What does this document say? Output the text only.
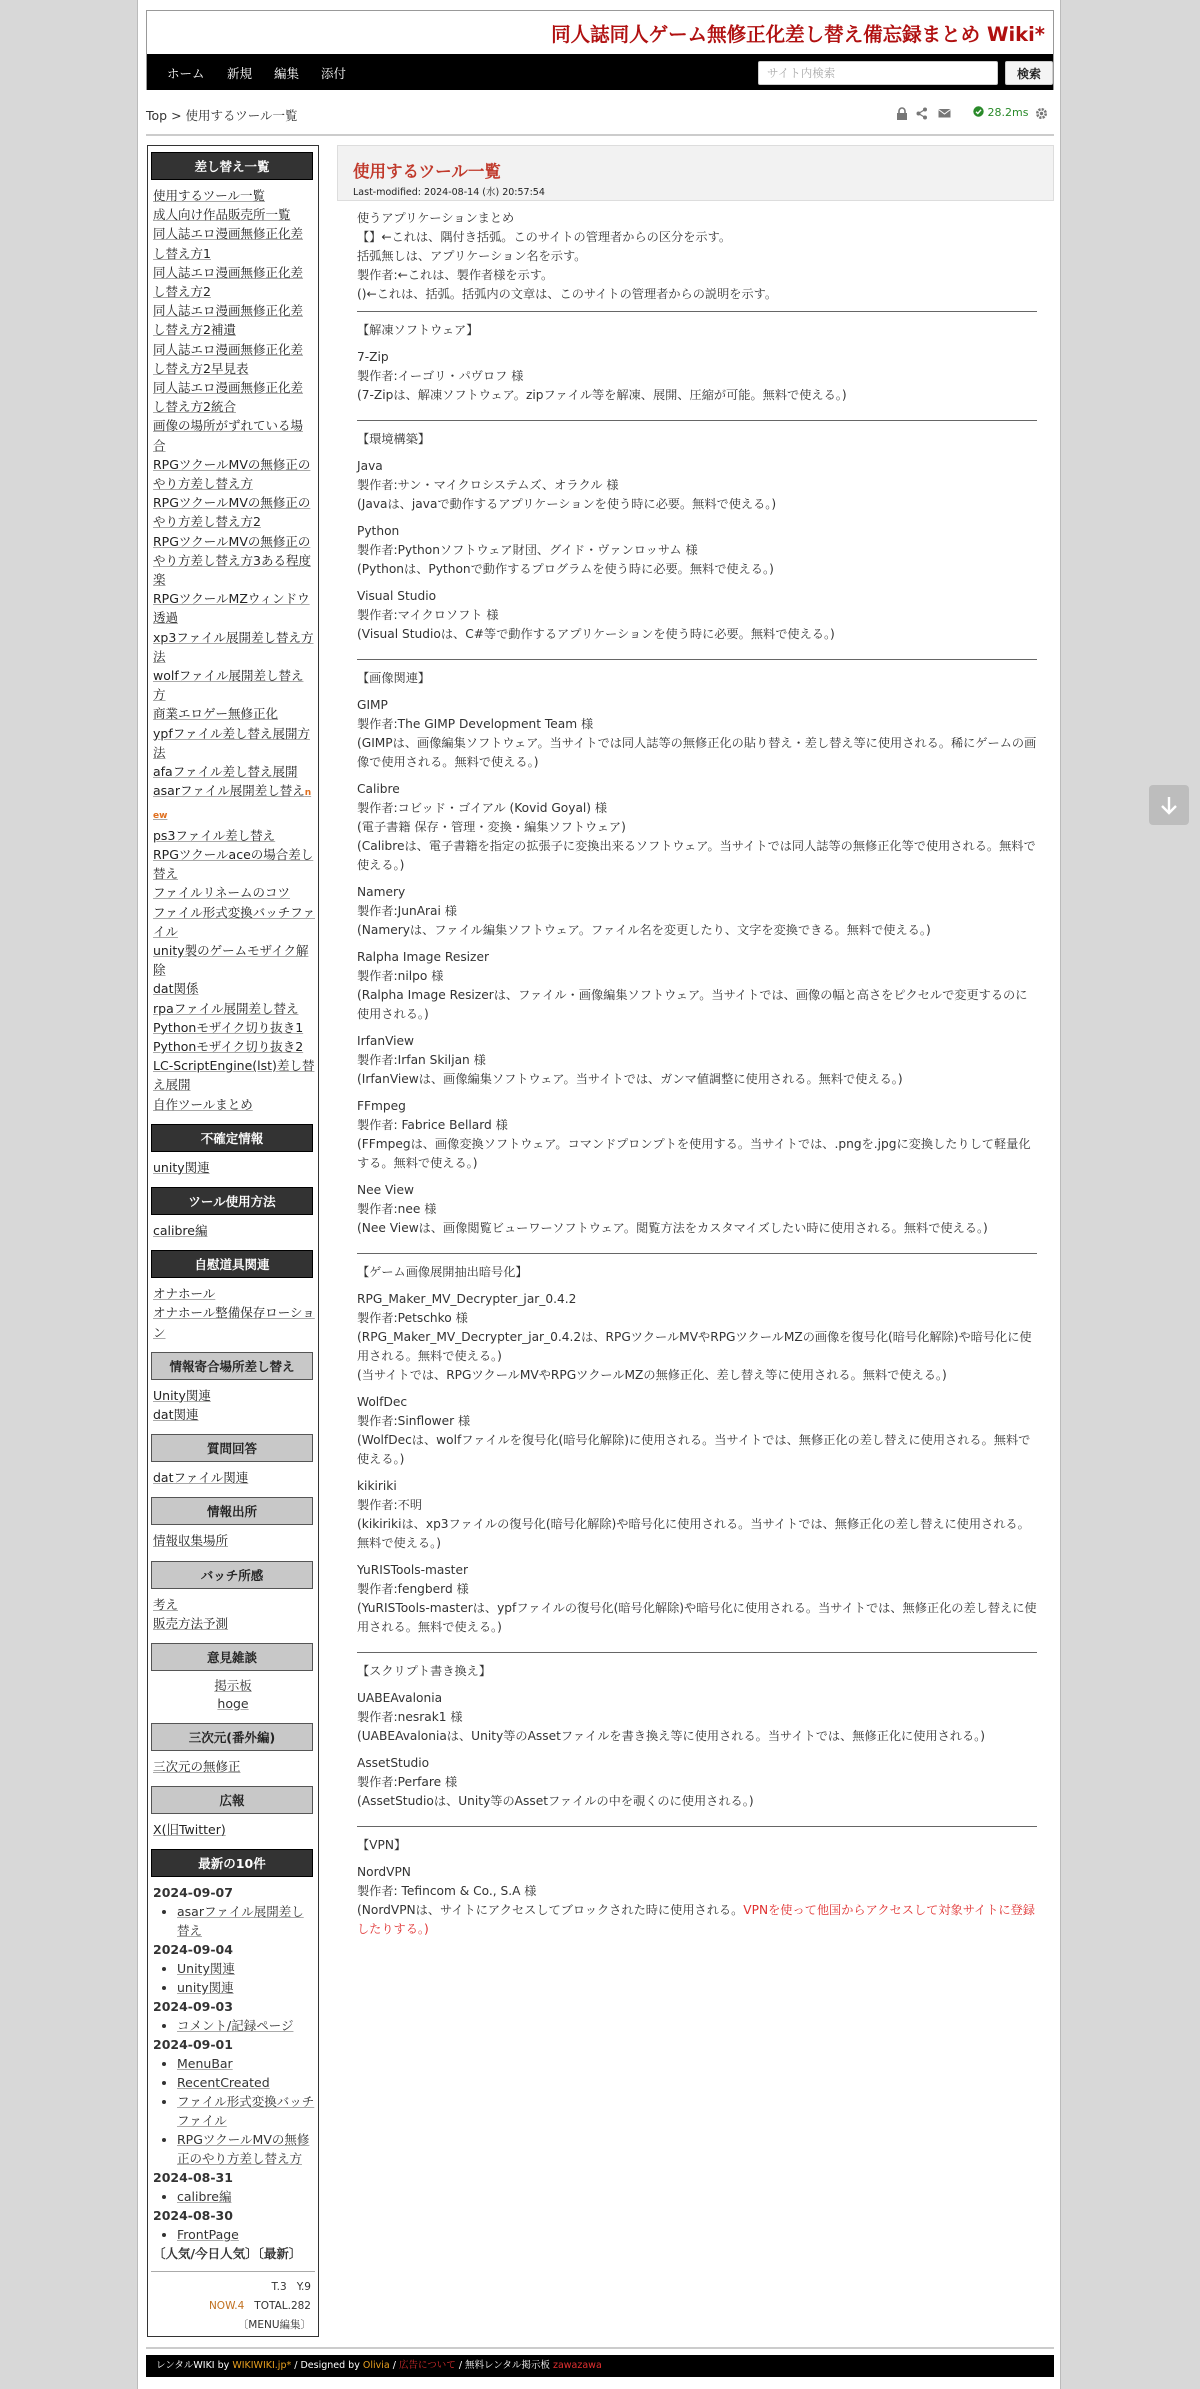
同人誌同人ゲーム無修正化差し替え備忘録まとめ Wiki*
ホーム 新規 編集 添付
サイト内検索	検索
Top > 使用するツール一覧	28.2ms
差し替え一覧
使用するツール一覧
成人向け作品販売所一覧
同人誌エロ漫画無修正化差し替え方1
同人誌エロ漫画無修正化差し替え方2
同人誌エロ漫画無修正化差し替え方2補遺
同人誌エロ漫画無修正化差し替え方2早見表
同人誌エロ漫画無修正化差し替え方2統合
画像の場所がずれている場合
RPGツクールMVの無修正のやり方差し替え方
RPGツクールMVの無修正のやり方差し替え方2
RPGツクールMVの無修正のやり方差し替え方3ある程度楽
RPGツクールMZウィンドウ透過
xp3ファイル展開差し替え方法
wolfファイル展開差し替え方
商業エロゲー無修正化
ypfファイル差し替え展開方法
afaファイル差し替え展開
asarファイル展開差し替えnew
ps3ファイル差し替え
RPGツクールaceの場合差し替え
ファイルリネームのコツ
ファイル形式変換バッチファイル
unity製のゲームモザイク解除
dat関係
rpaファイル展開差し替え
Pythonモザイク切り抜き1
Pythonモザイク切り抜き2
LC-ScriptEngine(lst)差し替え展開
自作ツールまとめ
不確定情報
unity関連
ツール使用方法
calibre編
自慰道具関連
オナホール
オナホール整備保存ローション
情報寄合場所差し替え
Unity関連
dat関連
質問回答
datファイル関連
情報出所
情報収集場所
バッチ所感
考え
販売方法予測
意見雑談
掲示板
hoge
三次元(番外編)
三次元の無修正
広報
X(旧Twitter)
最新の10件
2024-09-07
• asarファイル展開差し替え
2024-09-04
• Unity関連
• unity関連
2024-09-03
• コメント/記録ページ
2024-09-01
• MenuBar
• RecentCreated
• ファイル形式変換バッチファイル
• RPGツクールMVの無修正のやり方差し替え方
2024-08-31
• calibre編
2024-08-30
• FrontPage
〔人気/今日人気〕〔最新〕
T.3 Y.9
NOW.4 TOTAL.282
〔MENU編集〕
使用するツール一覧
Last-modified: 2024-08-14 (水) 20:57:54

使うアプリケーションまとめ

【】←これは、隅付き括弧。このサイトの管理者からの区分を示す。

括弧無しは、アプリケーション名を示す。

製作者:←これは、製作者様を示す。

()←これは、括弧。括弧内の文章は、このサイトの管理者からの説明を示す。

【解凍ソフトウェア】

7-Zip

製作者:イーゴリ・パヴロフ 様

(7-Zipは、解凍ソフトウェア。zipファイル等を解凍、展開、圧縮が可能。無料で使える。)

【環境構築】

Java

製作者:サン・マイクロシステムズ、オラクル 様

(Javaは、javaで動作するアプリケーションを使う時に必要。無料で使える。)

Python

製作者:Pythonソフトウェア財団、グイド・ヴァンロッサム 様

(Pythonは、Pythonで動作するプログラムを使う時に必要。無料で使える。)

Visual Studio

製作者:マイクロソフト 様

(Visual Studioは、C#等で動作するアプリケーションを使う時に必要。無料で使える。)

【画像関連】

GIMP

製作者:The GIMP Development Team 様

(GIMPは、画像編集ソフトウェア。当サイトでは同人誌等の無修正化の貼り替え・差し替え等に使用される。稀にゲームの画像で使用される。無料で使える。)

Calibre

製作者:コビッド・ゴイアル (Kovid Goyal) 様

(電子書籍 保存・管理・変換・編集ソフトウェア)

(Calibreは、電子書籍を指定の拡張子に変換出来るソフトウェア。当サイトでは同人誌等の無修正化等で使用される。無料で使える。)

Namery

製作者:JunArai 様

(Nameryは、ファイル編集ソフトウェア。ファイル名を変更したり、文字を変換できる。無料で使える。)

Ralpha Image Resizer

製作者:nilpo 様

(Ralpha Image Resizerは、ファイル・画像編集ソフトウェア。当サイトでは、画像の幅と高さをピクセルで変更するのに使用される。)

IrfanView

製作者:Irfan Skiljan 様

(IrfanViewは、画像編集ソフトウェア。当サイトでは、ガンマ値調整に使用される。無料で使える。)

FFmpeg

製作者: Fabrice Bellard 様

(FFmpegは、画像変換ソフトウェア。コマンドプロンプトを使用する。当サイトでは、.pngを.jpgに変換したりして軽量化する。無料で使える。)

Nee View

製作者:nee 様

(Nee Viewは、画像閲覧ビューワーソフトウェア。閲覧方法をカスタマイズしたい時に使用される。無料で使える。)

【ゲーム画像展開抽出暗号化】

RPG_Maker_MV_Decrypter_jar_0.4.2

製作者:Petschko 様

(RPG_Maker_MV_Decrypter_jar_0.4.2は、RPGツクールMVやRPGツクールMZの画像を復号化(暗号化解除)や暗号化に使用される。無料で使える。)

(当サイトでは、RPGツクールMVやRPGツクールMZの無修正化、差し替え等に使用される。無料で使える。)

WolfDec

製作者:Sinflower 様

(WolfDecは、wolfファイルを復号化(暗号化解除)に使用される。当サイトでは、無修正化の差し替えに使用される。無料で使える。)

kikiriki

製作者:不明

(kikirikiは、xp3ファイルの復号化(暗号化解除)や暗号化に使用される。当サイトでは、無修正化の差し替えに使用される。無料で使える。)

YuRISTools-master

製作者:fengberd 様

(YuRISTools-masterは、ypfファイルの復号化(暗号化解除)や暗号化に使用される。当サイトでは、無修正化の差し替えに使用される。無料で使える。)

【スクリプト書き換え】

UABEAvalonia

製作者:nesrak1 様

(UABEAvaloniaは、Unity等のAssetファイルを書き換え等に使用される。当サイトでは、無修正化に使用される。)

AssetStudio

製作者:Perfare 様

(AssetStudioは、Unity等のAssetファイルの中を覗くのに使用される。)

【VPN】

NordVPN

製作者: Tefincom & Co., S.A 様

(NordVPNは、サイトにアクセスしてブロックされた時に使用される。VPNを使って他国からアクセスして対象サイトに登録したりする。)

レンタルWIKI by WIKIWIKI.jp* / Designed by Olivia / 広告について / 無料レンタル掲示板 zawazawa
